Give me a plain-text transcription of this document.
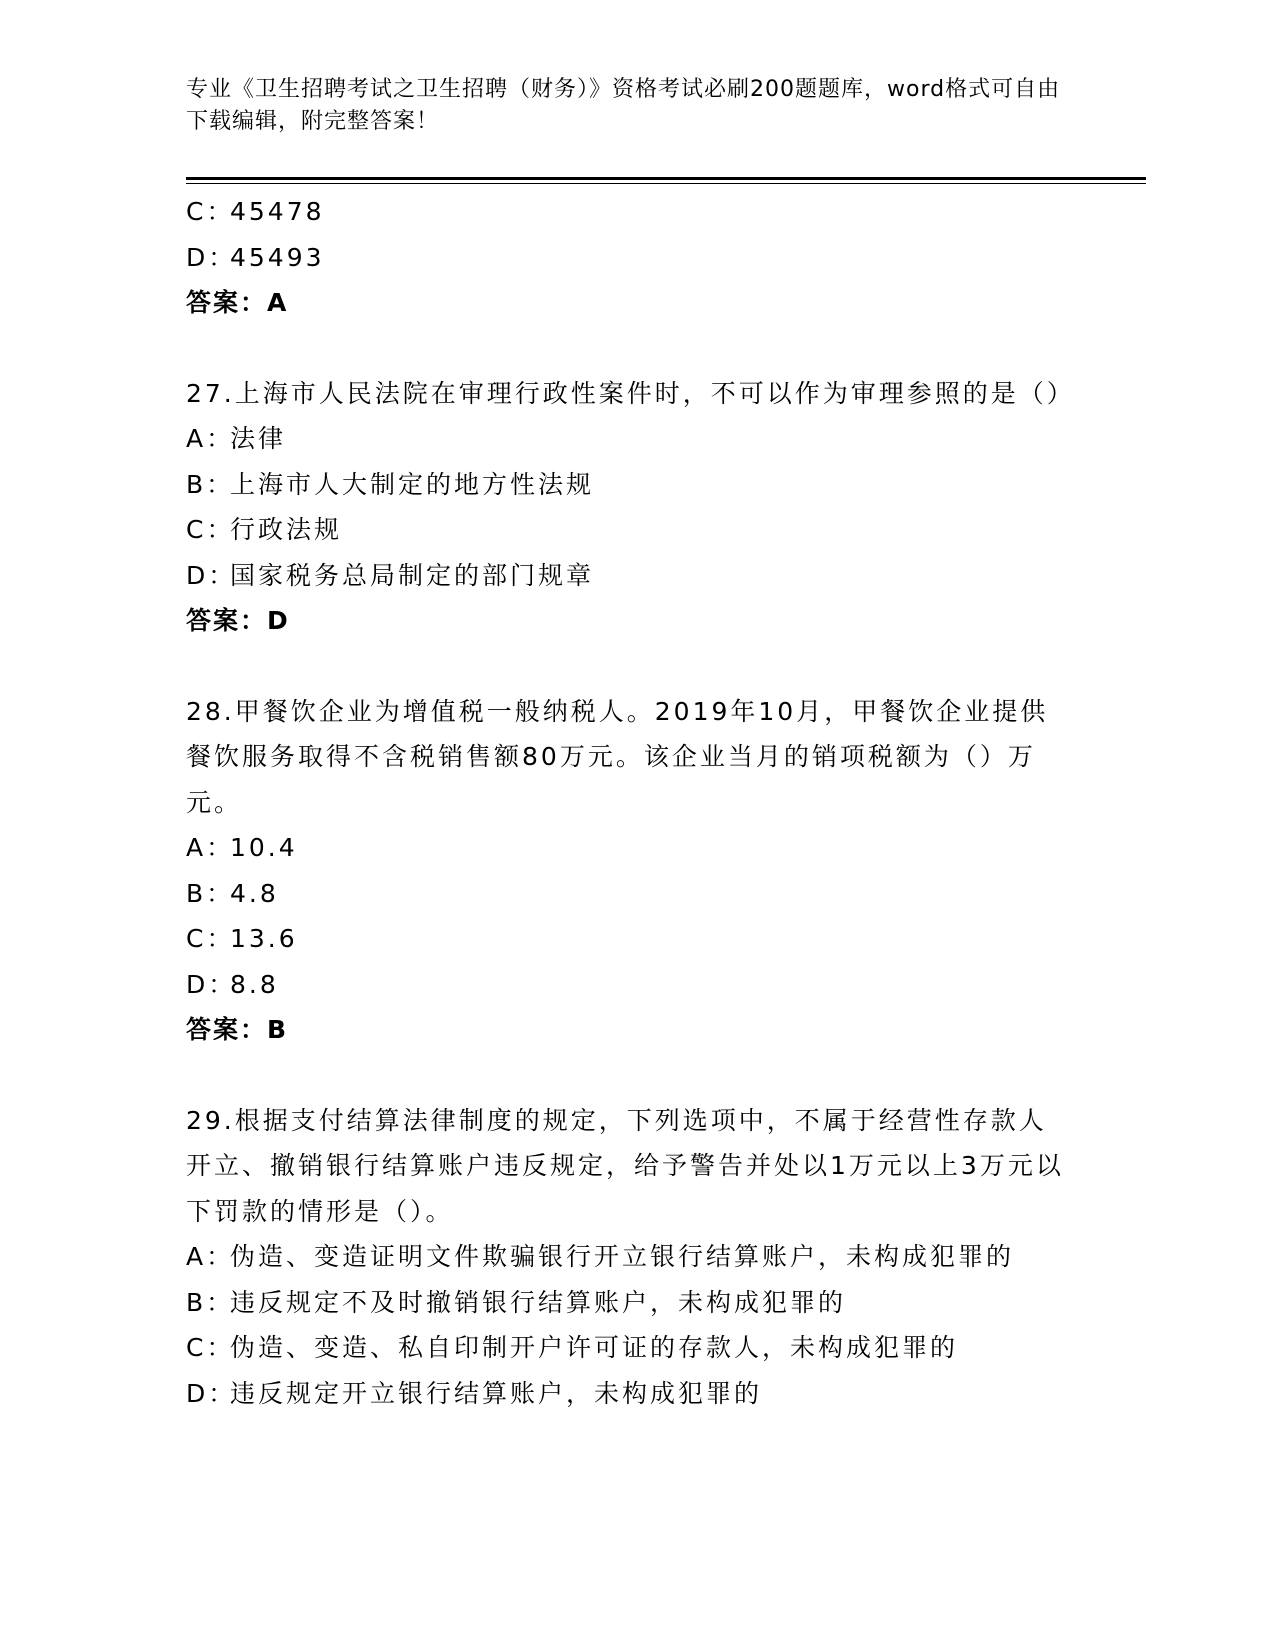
专业《卫生招聘考试之卫生招聘（财务）》资格考试必刷200题题库，word格式可自由下载编辑，附完整答案！
C：45478
D：45493
答案：A
27.上海市人民法院在审理行政性案件时，不可以作为审理参照的是（）
A：法律
B：上海市人大制定的地方性法规
C：行政法规
D：国家税务总局制定的部门规章
答案：D
28.甲餐饮企业为增值税一般纳税人。2019年10月，甲餐饮企业提供餐饮服务取得不含税销售额80万元。该企业当月的销项税额为（）万元。
A：10.4
B：4.8
C：13.6
D：8.8
答案：B
29.根据支付结算法律制度的规定，下列选项中，不属于经营性存款人开立、撤销银行结算账户违反规定，给予警告并处以1万元以上3万元以下罚款的情形是（）。
A：伪造、变造证明文件欺骗银行开立银行结算账户，未构成犯罪的
B：违反规定不及时撤销银行结算账户，未构成犯罪的
C：伪造、变造、私自印制开户许可证的存款人，未构成犯罪的
D：违反规定开立银行结算账户，未构成犯罪的
